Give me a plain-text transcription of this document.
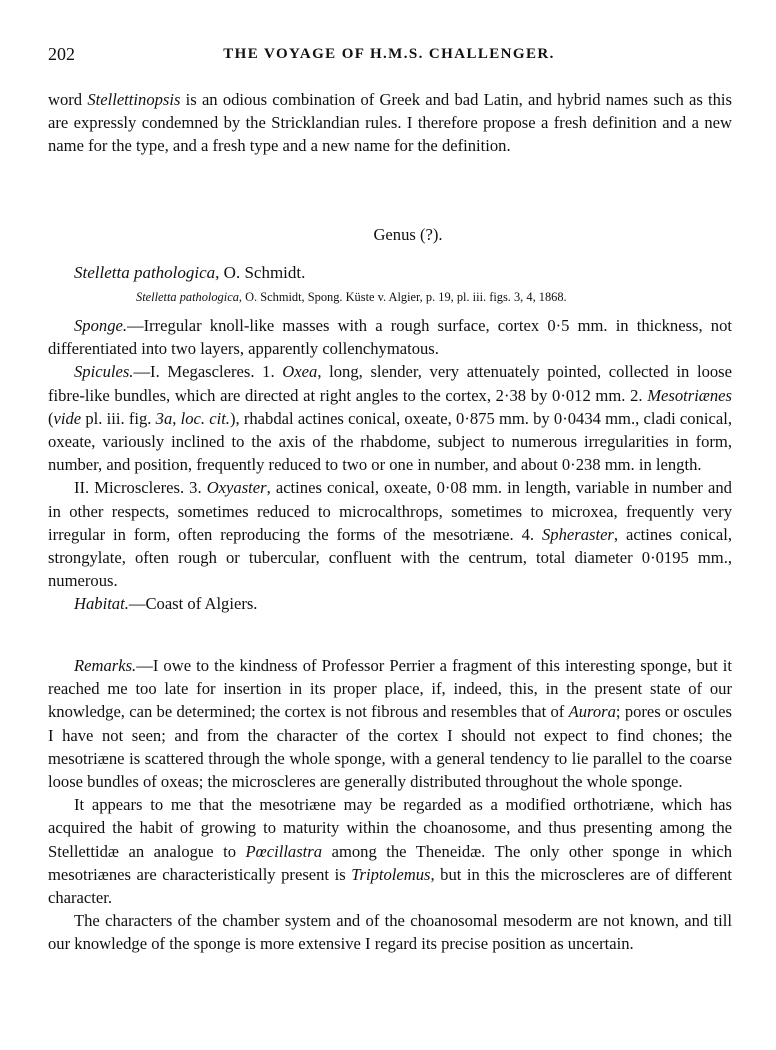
202	THE VOYAGE OF H.M.S. CHALLENGER.

word Stellettinopsis is an odious combination of Greek and bad Latin, and hybrid names such as this are expressly condemned by the Stricklandian rules. I therefore propose a fresh definition and a new name for the type, and a fresh type and a new name for the definition.

Genus (?).
Stelletta pathologica, O. Schmidt.
Stelletta pathologica, O. Schmidt, Spong. Küste v. Algier, p. 19, pl. iii. figs. 3, 4, 1868.

Sponge.—Irregular knoll-like masses with a rough surface, cortex 0·5 mm. in thickness, not differentiated into two layers, apparently collenchymatous.

Spicules.—I. Megascleres. 1. Oxea, long, slender, very attenuately pointed, collected in loose fibre-like bundles, which are directed at right angles to the cortex, 2·38 by 0·012 mm. 2. Mesotriænes (vide pl. iii. fig. 3a, loc. cit.), rhabdal actines conical, oxeate, 0·875 mm. by 0·0434 mm., cladi conical, oxeate, variously inclined to the axis of the rhabdome, subject to numerous irregularities in form, number, and position, frequently reduced to two or one in number, and about 0·238 mm. in length.

II. Microscleres. 3. Oxyaster, actines conical, oxeate, 0·08 mm. in length, variable in number and in other respects, sometimes reduced to microcalthrops, sometimes to microxea, frequently very irregular in form, often reproducing the forms of the mesotriæne. 4. Spheraster, actines conical, strongylate, often rough or tubercular, confluent with the centrum, total diameter 0·0195 mm., numerous.

Habitat.—Coast of Algiers.

Remarks.—I owe to the kindness of Professor Perrier a fragment of this interesting sponge, but it reached me too late for insertion in its proper place, if, indeed, this, in the present state of our knowledge, can be determined; the cortex is not fibrous and resembles that of Aurora; pores or oscules I have not seen; and from the character of the cortex I should not expect to find chones; the mesotriæne is scattered through the whole sponge, with a general tendency to lie parallel to the coarse loose bundles of oxeas; the microscleres are generally distributed throughout the whole sponge.

It appears to me that the mesotriæne may be regarded as a modified orthotriæne, which has acquired the habit of growing to maturity within the choanosome, and thus presenting among the Stellettidæ an analogue to Pœcillastra among the Theneidæ. The only other sponge in which mesotriænes are characteristically present is Triptolemus, but in this the microscleres are of different character.

The characters of the chamber system and of the choanosomal mesoderm are not known, and till our knowledge of the sponge is more extensive I regard its precise position as uncertain.
